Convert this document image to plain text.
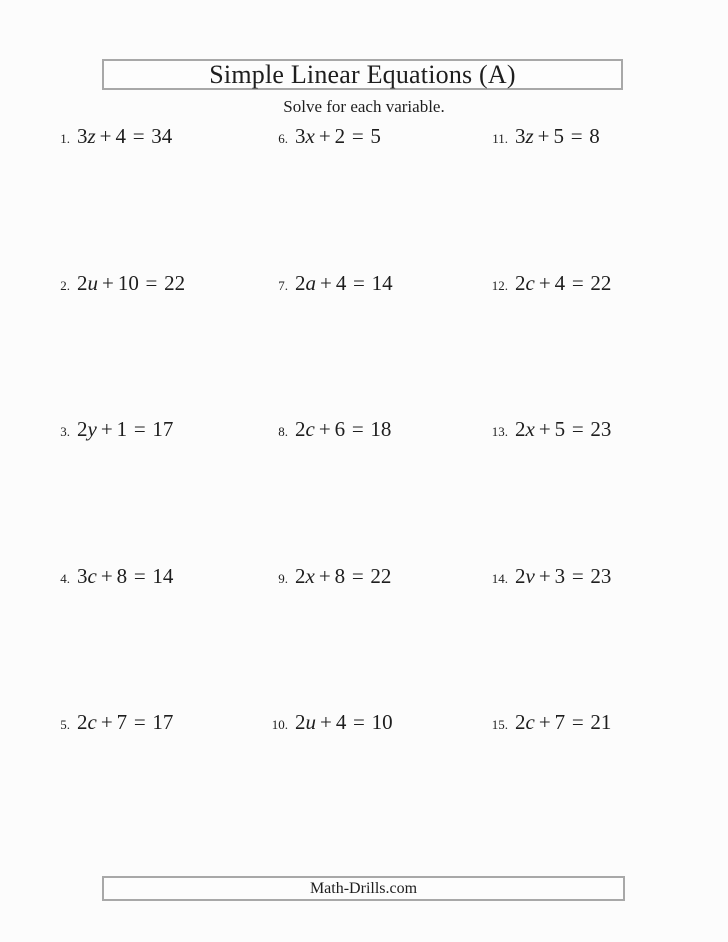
Simple Linear Equations (A)
Solve for each variable.
1. 3z + 4 = 34	6. 3x + 2 = 5	11. 3z + 5 = 8
2. 2u + 10 = 22	7. 2a + 4 = 14	12. 2c + 4 = 22
3. 2y + 1 = 17	8. 2c + 6 = 18	13. 2x + 5 = 23
4. 3c + 8 = 14	9. 2x + 8 = 22	14. 2v + 3 = 23
5. 2c + 7 = 17	10. 2u + 4 = 10	15. 2c + 7 = 21
Math-Drills.com
